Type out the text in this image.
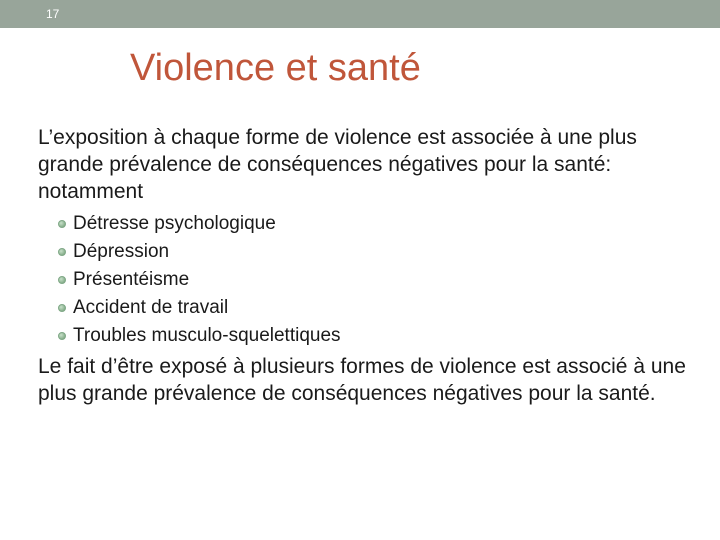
17
Violence et santé

L’exposition à chaque forme de violence est associée à une plus grande prévalence de conséquences négatives pour la santé: notamment

Détresse psychologique
Dépression
Présentéisme
Accident de travail
Troubles musculo-squelettiques

Le fait d’être exposé à plusieurs formes de violence est associé à une plus grande prévalence de conséquences négatives pour la santé.
